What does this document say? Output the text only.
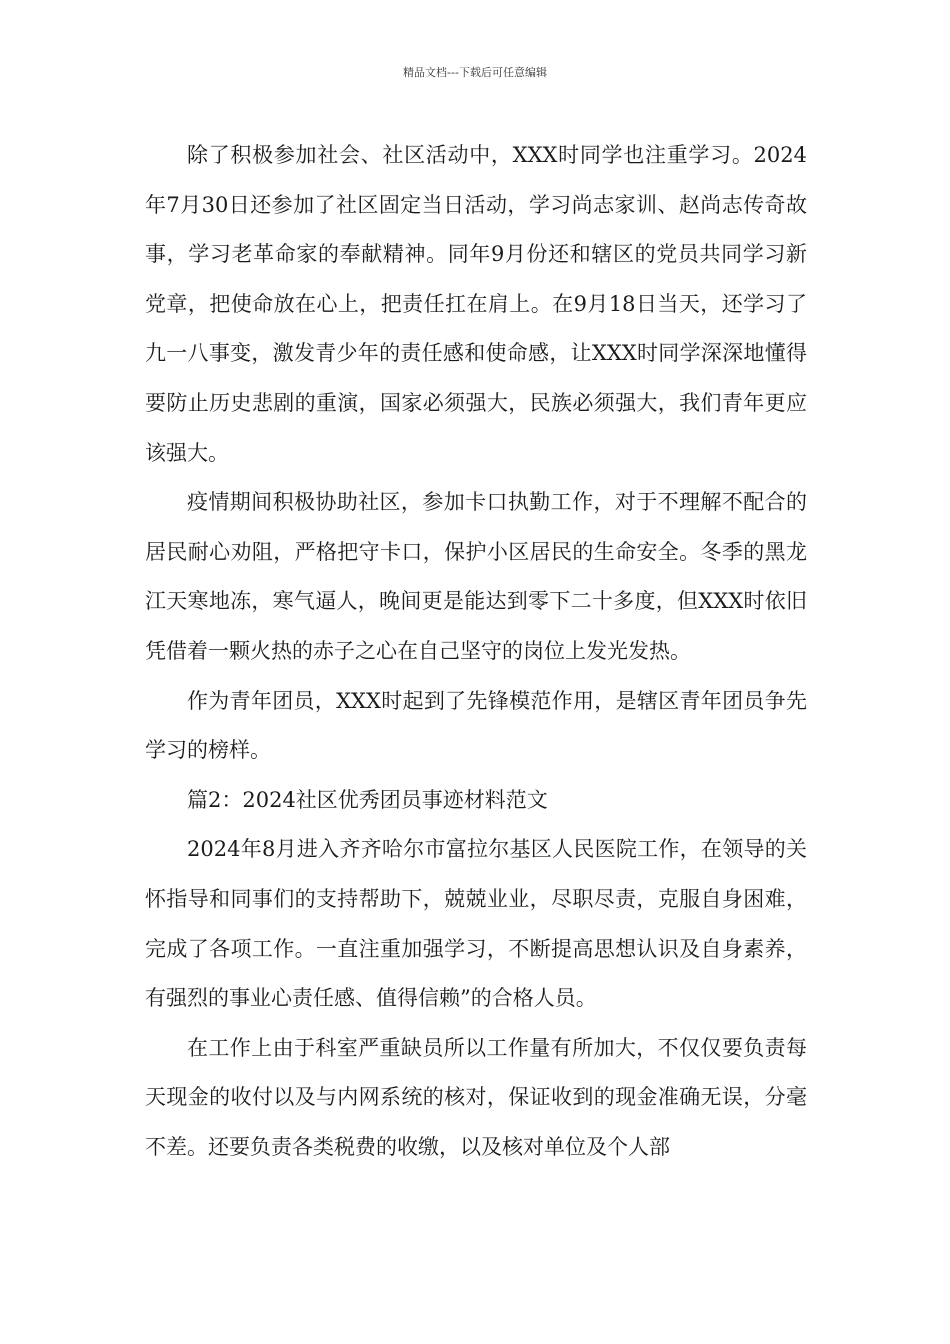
精品文档---下载后可任意编辑

除了积极参加社会、社区活动中，XXX时同学也注重学习。2024年7月30日还参加了社区固定当日活动，学习尚志家训、赵尚志传奇故事，学习老革命家的奉献精神。同年9月份还和辖区的党员共同学习新党章，把使命放在心上，把责任扛在肩上。在9月18日当天，还学习了九一八事变，激发青少年的责任感和使命感，让XXX时同学深深地懂得要防止历史悲剧的重演，国家必须强大，民族必须强大，我们青年更应该强大。

疫情期间积极协助社区，参加卡口执勤工作，对于不理解不配合的居民耐心劝阻，严格把守卡口，保护小区居民的生命安全。冬季的黑龙江天寒地冻，寒气逼人，晚间更是能达到零下二十多度，但XXX时依旧凭借着一颗火热的赤子之心在自己坚守的岗位上发光发热。

作为青年团员，XXX时起到了先锋模范作用，是辖区青年团员争先学习的榜样。

篇2：2024社区优秀团员事迹材料范文

2024年8月进入齐齐哈尔市富拉尔基区人民医院工作，在领导的关怀指导和同事们的支持帮助下，兢兢业业，尽职尽责，克服自身困难，完成了各项工作。一直注重加强学习，不断提高思想认识及自身素养，有强烈的事业心责任感、值得信赖”的合格人员。

在工作上由于科室严重缺员所以工作量有所加大，不仅仅要负责每天现金的收付以及与内网系统的核对，保证收到的现金准确无误，分毫不差。还要负责各类税费的收缴，以及核对单位及个人部
